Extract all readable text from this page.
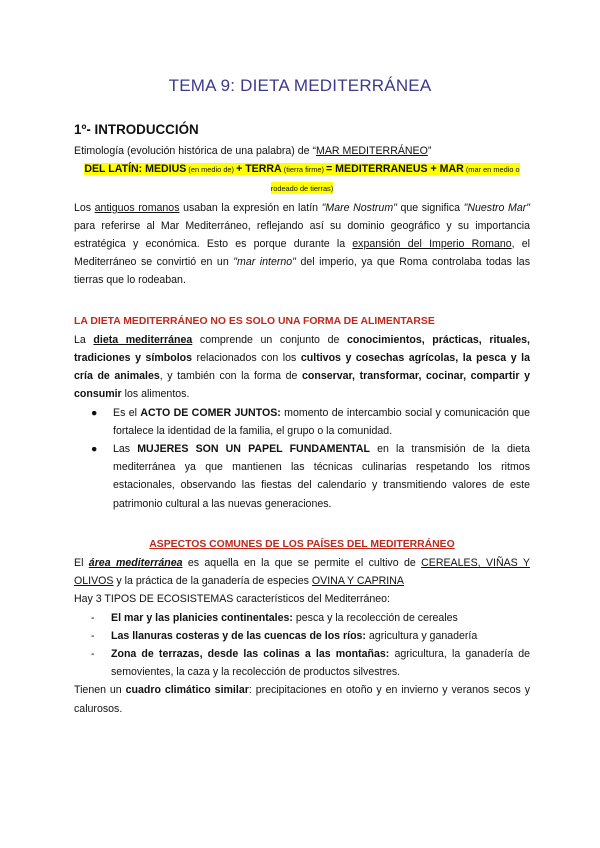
TEMA 9: DIETA MEDITERRÁNEA
1º- INTRODUCCIÓN

Etimología (evolución histórica de una palabra) de “MAR MEDITERRÁNEO”

DEL LATÍN: MEDIUS (en medio de) + TERRA (tierra firme) = MEDITERRANEUS + MAR (mar en medio o rodeado de tierras)

Los antiguos romanos usaban la expresión en latín "Mare Nostrum" que significa "Nuestro Mar" para referirse al Mar Mediterráneo, reflejando así su dominio geográfico y su importancia estratégica y económica. Esto es porque durante la expansión del Imperio Romano, el Mediterráneo se convirtió en un "mar interno" del imperio, ya que Roma controlaba todas las tierras que lo rodeaban.

LA DIETA MEDITERRÁNEO NO ES SOLO UNA FORMA DE ALIMENTARSE

La dieta mediterránea comprende un conjunto de conocimientos, prácticas, rituales, tradiciones y símbolos relacionados con los cultivos y cosechas agrícolas, la pesca y la cría de animales, y también con la forma de conservar, transformar, cocinar, compartir y consumir los alimentos.

● Es el ACTO DE COMER JUNTOS: momento de intercambio social y comunicación que fortalece la identidad de la familia, el grupo o la comunidad.
● Las MUJERES SON UN PAPEL FUNDAMENTAL en la transmisión de la dieta mediterránea ya que mantienen las técnicas culinarias respetando los ritmos estacionales, observando las fiestas del calendario y transmitiendo valores de este patrimonio cultural a las nuevas generaciones.

ASPECTOS COMUNES DE LOS PAÍSES DEL MEDITERRÁNEO

El área mediterránea es aquella en la que se permite el cultivo de CEREALES, VIÑAS Y OLIVOS y la práctica de la ganadería de especies OVINA Y CAPRINA

Hay 3 TIPOS DE ECOSISTEMAS característicos del Mediterráneo:

- El mar y las planicies continentales: pesca y la recolección de cereales
- Las llanuras costeras y de las cuencas de los ríos: agricultura y ganadería
- Zona de terrazas, desde las colinas a las montañas: agricultura, la ganadería de semovientes, la caza y la recolección de productos silvestres.

Tienen un cuadro climático similar: precipitaciones en otoño y en invierno y veranos secos y calurosos.
